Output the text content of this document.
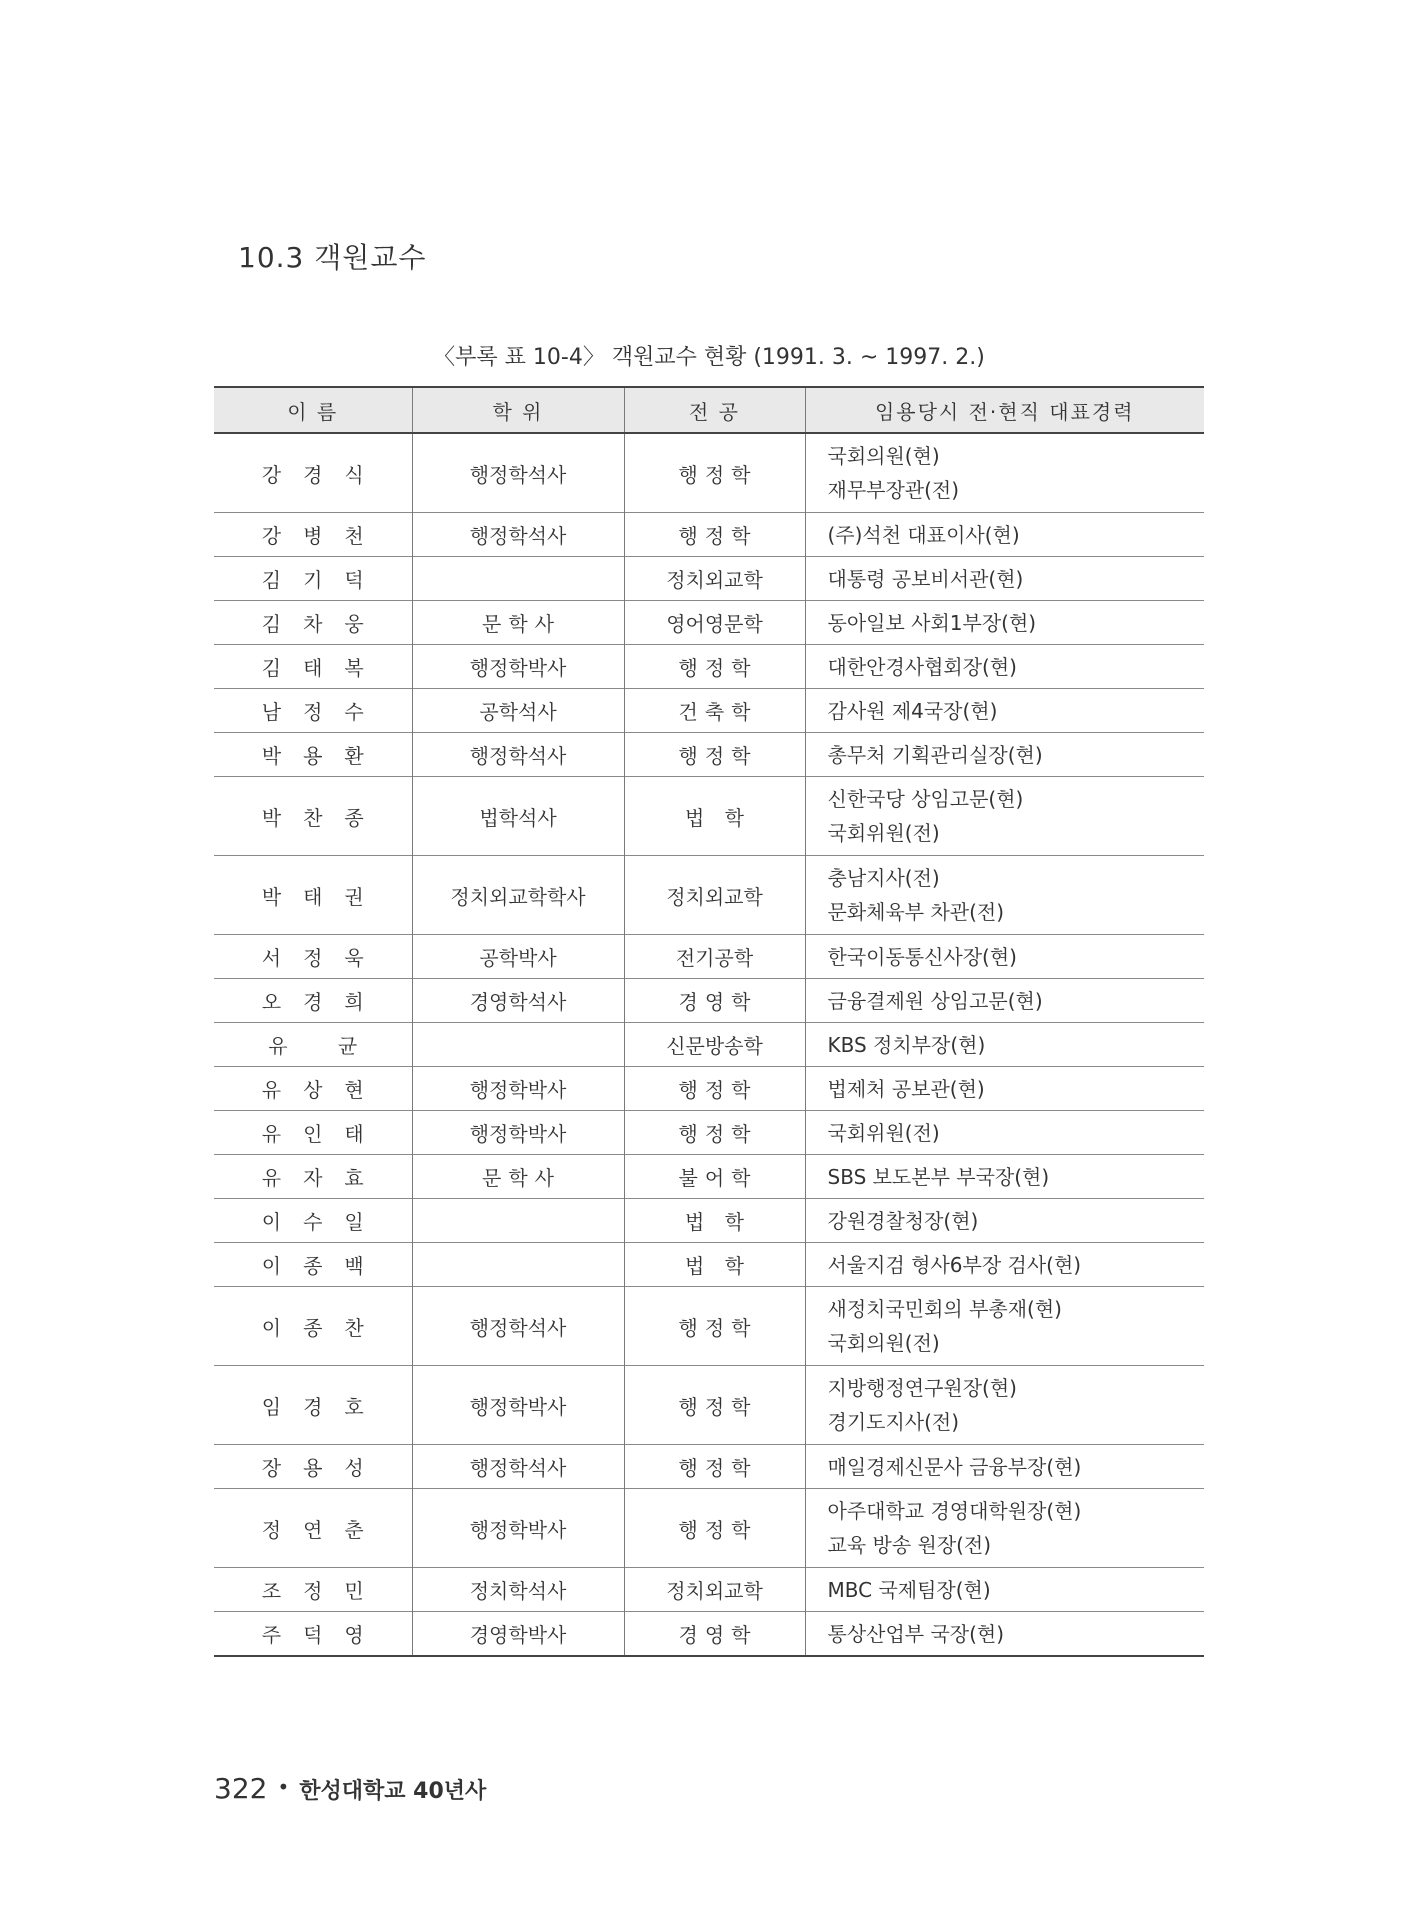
10.3 객원교수
〈부록 표 10-4〉 객원교수 현황 (1991. 3. ~ 1997. 2.)
이 름	학 위	전 공	임용당시 전·현직 대표경력
강경식	행정학석사	행정학	국회의원(현)
재무부장관(전)

강병천	행정학석사	행정학	(주)석천 대표이사(현)

김기덕		정치외교학	대통령 공보비서관(현)

김차웅	문학사	영어영문학	동아일보 사회1부장(현)

김태복	행정학박사	행정학	대한안경사협회장(현)

남정수	공학석사	건축학	감사원 제4국장(현)

박용환	행정학석사	행정학	총무처 기획관리실장(현)

박찬종	법학석사	법 학	신한국당 상임고문(현)
국회위원(전)

박태권	정치외교학학사	정치외교학	충남지사(전)
문화체육부 차관(전)

서정욱	공학박사	전기공학	한국이동통신사장(현)

오경희	경영학석사	경영학	금융결제원 상임고문(현)

유 균		신문방송학	KBS 정치부장(현)

유상현	행정학박사	행정학	법제처 공보관(현)

유인태	행정학박사	행정학	국회위원(전)

유자효	문학사	불어학	SBS 보도본부 부국장(현)

이수일		법 학	강원경찰청장(현)

이종백		법 학	서울지검 형사6부장 검사(현)

이종찬	행정학석사	행정학	새정치국민회의 부총재(현)
국회의원(전)

임경호	행정학박사	행정학	지방행정연구원장(현)
경기도지사(전)

장용성	행정학석사	행정학	매일경제신문사 금융부장(현)

정연춘	행정학박사	행정학	아주대학교 경영대학원장(현)
교육 방송 원장(전)

조정민	정치학석사	정치외교학	MBC 국제팀장(현)

주덕영	경영학박사	경영학	통상산업부 국장(현)
322 • 한성대학교 40년사
